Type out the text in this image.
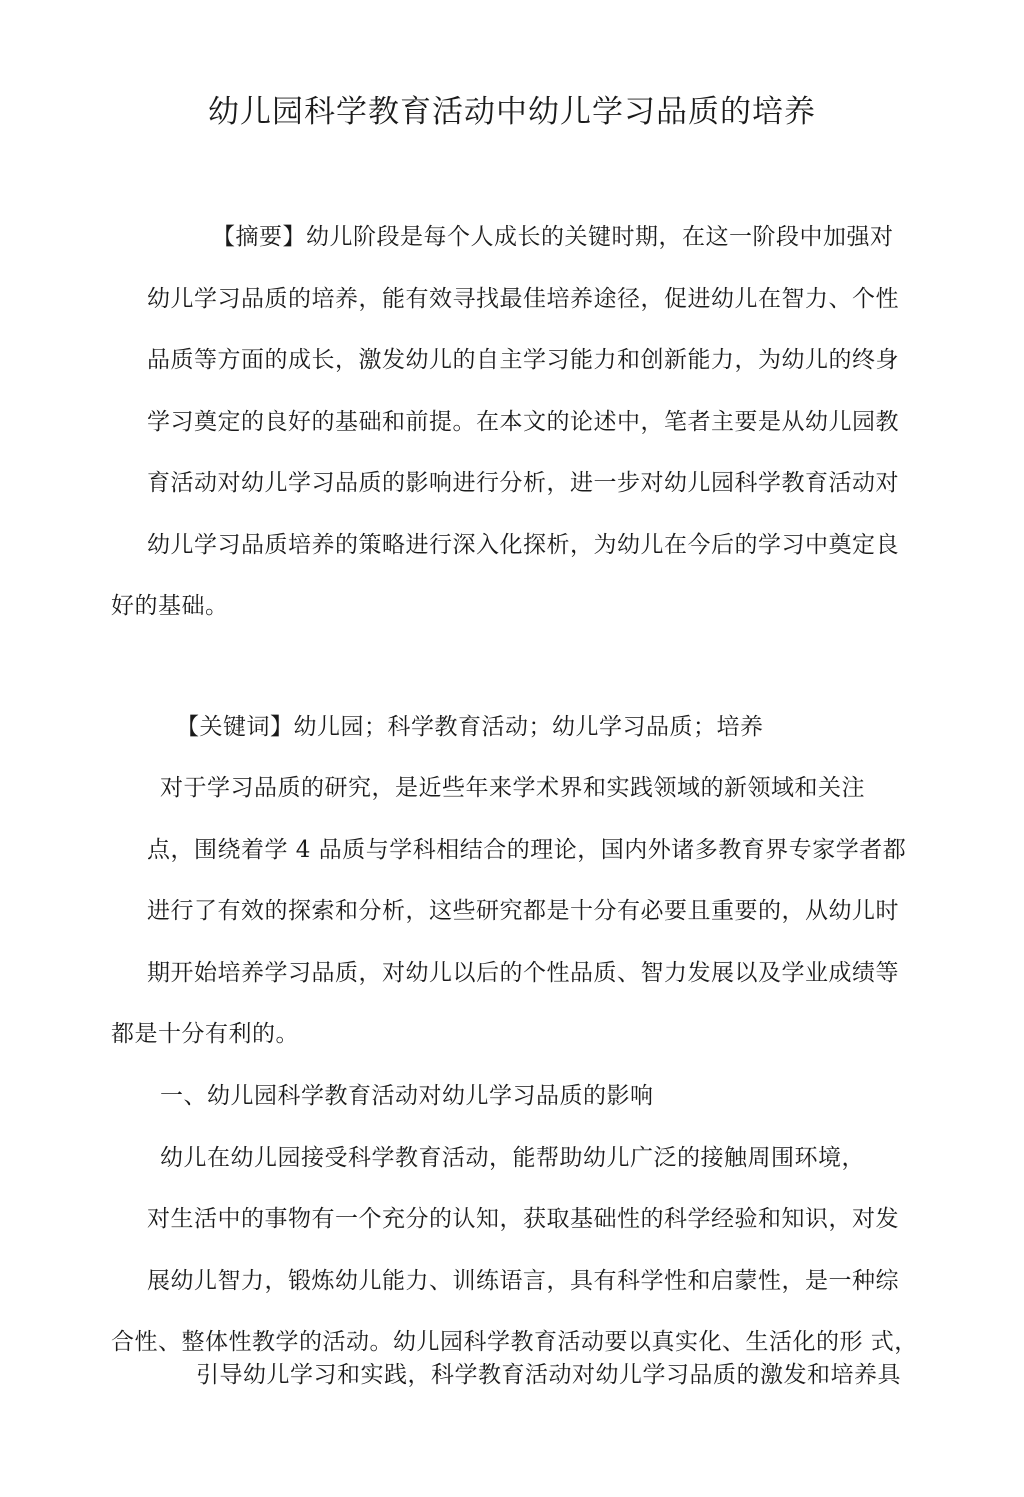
幼儿园科学教育活动中幼儿学习品质的培养
【摘要】幼儿阶段是每个人成长的关键时期，在这一阶段中加强对
幼儿学习品质的培养，能有效寻找最佳培养途径，促进幼儿在智力、个性
品质等方面的成长，激发幼儿的自主学习能力和创新能力，为幼儿的终身
学习奠定的良好的基础和前提。在本文的论述中，笔者主要是从幼儿园教
育活动对幼儿学习品质的影响进行分析，进一步对幼儿园科学教育活动对
幼儿学习品质培养的策略进行深入化探析，为幼儿在今后的学习中奠定良
好的基础。
【关键词】幼儿园；科学教育活动；幼儿学习品质；培养
对于学习品质的研究，是近些年来学术界和实践领域的新领域和关注
点，围绕着学 4 品质与学科相结合的理论，国内外诸多教育界专家学者都
进行了有效的探索和分析，这些研究都是十分有必要且重要的，从幼儿时
期开始培养学习品质，对幼儿以后的个性品质、智力发展以及学业成绩等
都是十分有利的。
一、幼儿园科学教育活动对幼儿学习品质的影响
幼儿在幼儿园接受科学教育活动，能帮助幼儿广泛的接触周围环境，
对生活中的事物有一个充分的认知，获取基础性的科学经验和知识，对发
展幼儿智力，锻炼幼儿能力、训练语言，具有科学性和启蒙性，是一种综
合性、整体性教学的活动。幼儿园科学教育活动要以真实化、生活化的形 式，
引导幼儿学习和实践，科学教育活动对幼儿学习品质的激发和培养具
